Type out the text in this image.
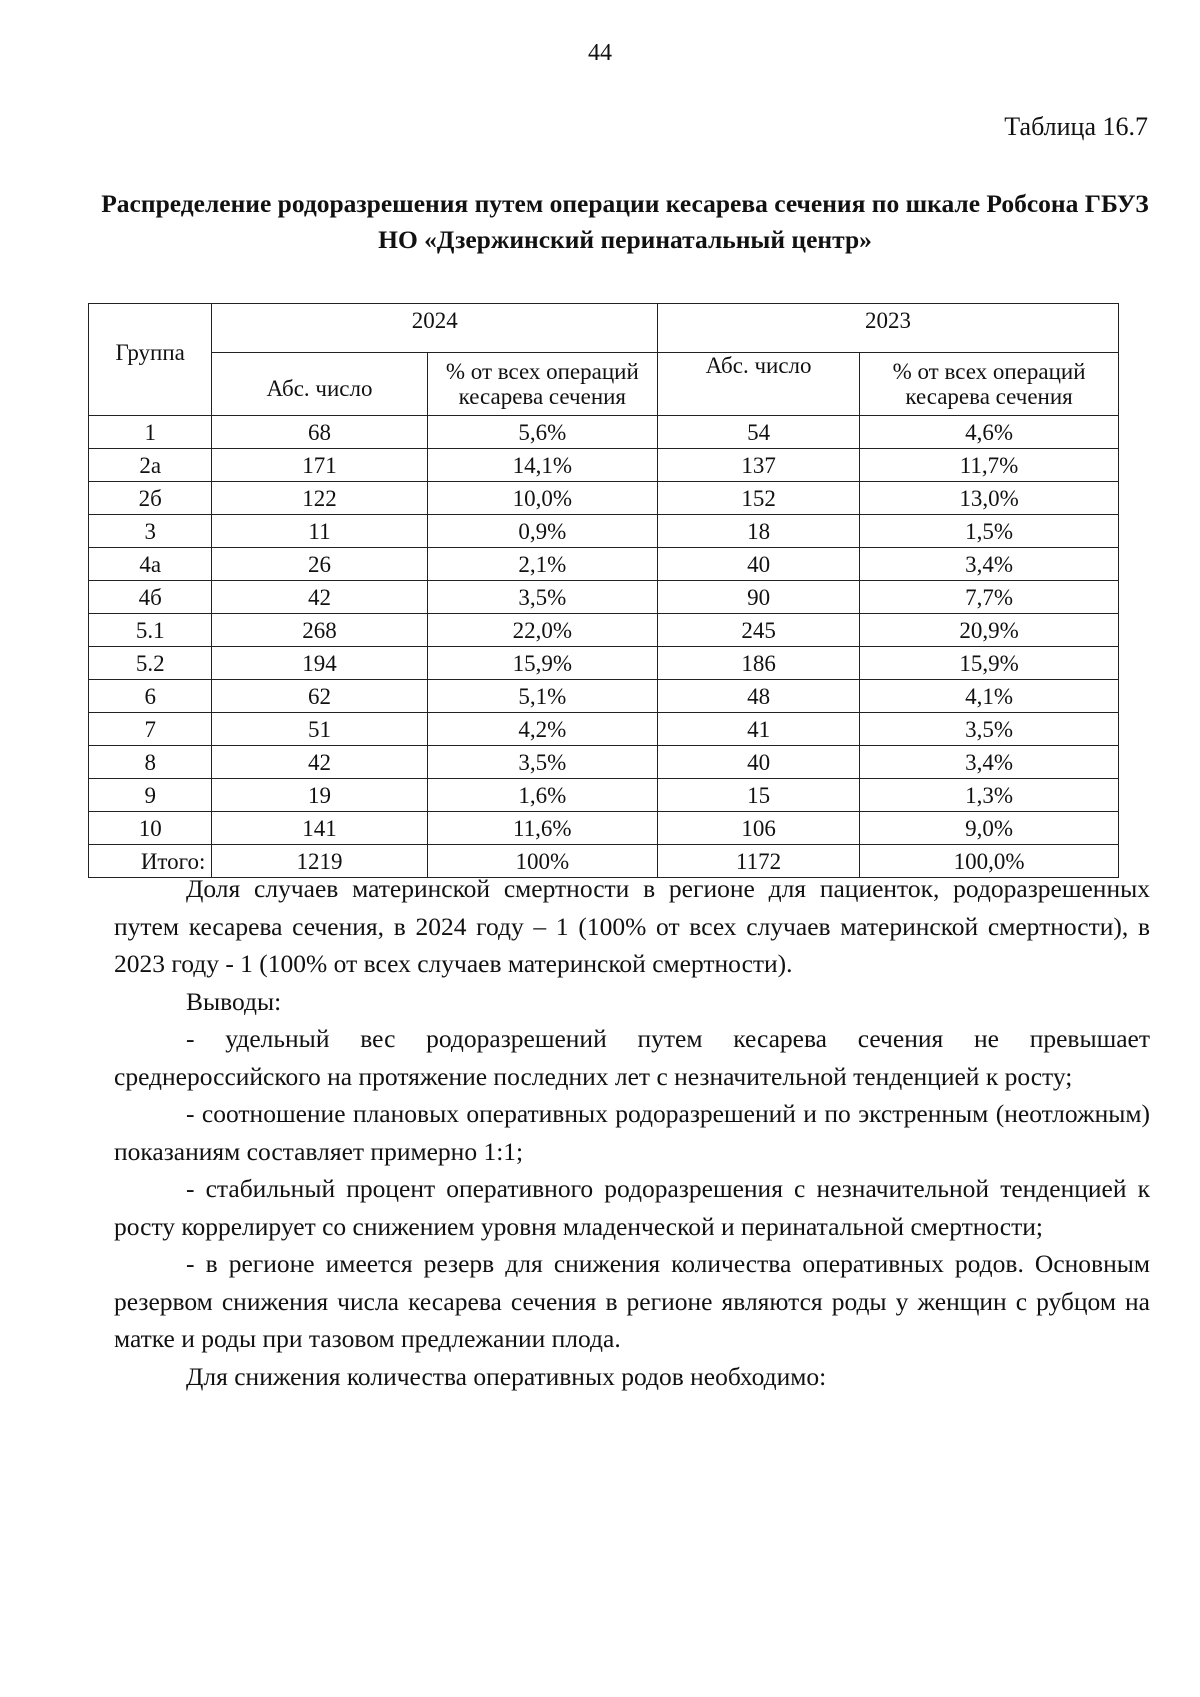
44
Таблица 16.7
Распределение родоразрешения путем операции кесарева сечения по шкале Робсона ГБУЗ НО «Дзержинский перинатальный центр»
Группа	2024		2023	
	Абс. число	% от всех операций кесарева сечения	Абс. число	% от всех операций кесарева сечения
1	68	5,6%	54	4,6%
2а	171	14,1%	137	11,7%
2б	122	10,0%	152	13,0%
3	11	0,9%	18	1,5%
4а	26	2,1%	40	3,4%
4б	42	3,5%	90	7,7%
5.1	268	22,0%	245	20,9%
5.2	194	15,9%	186	15,9%
6	62	5,1%	48	4,1%
7	51	4,2%	41	3,5%
8	42	3,5%	40	3,4%
9	19	1,6%	15	1,3%
10	141	11,6%	106	9,0%
Итого:	1219	100%	1172	100,0%

Доля случаев материнской смертности в регионе для пациенток, родоразрешенных путем кесарева сечения, в 2024 году – 1 (100% от всех случаев материнской смертности), в 2023 году - 1 (100% от всех случаев материнской смертности).

Выводы:

- удельный вес родоразрешений путем кесарева сечения не превышает среднероссийского на протяжение последних лет с незначительной тенденцией к росту;

- соотношение плановых оперативных родоразрешений и по экстренным (неотложным) показаниям составляет примерно 1:1;

- стабильный процент оперативного родоразрешения с незначительной тенденцией к росту коррелирует со снижением уровня младенческой и перинатальной смертности;

- в регионе имеется резерв для снижения количества оперативных родов. Основным резервом снижения числа кесарева сечения в регионе являются роды у женщин с рубцом на матке и роды при тазовом предлежании плода.

Для снижения количества оперативных родов необходимо:
